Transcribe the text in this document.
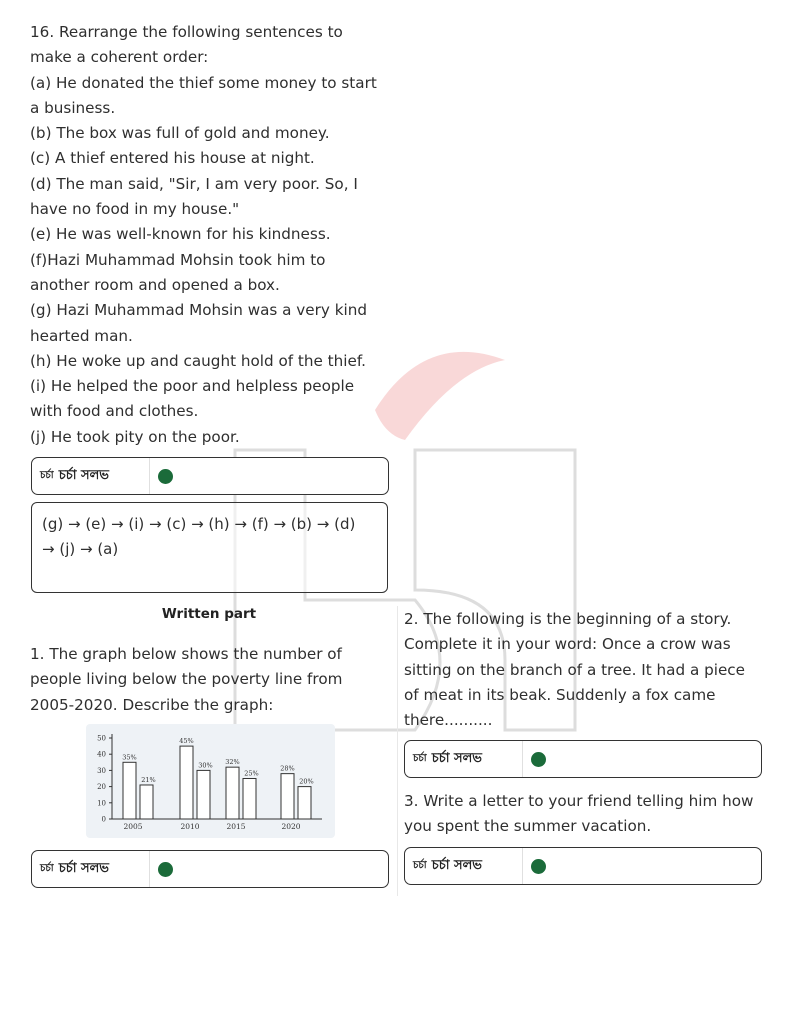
16. Rearrange the following sentences to

make a coherent order:

(a) He donated the thief some money to start

a business.

(b) The box was full of gold and money.

(c) A thief entered his house at night.

(d) The man said, "Sir, I am very poor. So, I

have no food in my house."

(e) He was well-known for his kindness.

(f)Hazi Muhammad Mohsin took him to

another room and opened a box.

(g) Hazi Muhammad Mohsin was a very kind

hearted man.

(h) He woke up and caught hold of the thief.

(i) He helped the poor and helpless people

with food and clothes.

(j) He took pity on the poor.

চর্চা চর্চা সলভ
(g) → (e) → (i) → (c) → (h) → (f) → (b) → (d)
→ (j) → (a)
Written part
1. The graph below shows the number of
people living below the poverty line from
2005-2020. Describe the graph:
0
10
20
30
40
50
35%
21%
45%
30% 32%
25%
28%
20%
2005	2010	2015	2020
চর্চা চর্চা সলভ
2. The following is the beginning of a story.
Complete it in your word: Once a crow was
sitting on the branch of a tree. It had a piece
of meat in its beak. Suddenly a fox came
there..........
চর্চা চর্চা সলভ
3. Write a letter to your friend telling him how
you spent the summer vacation.
চর্চা চর্চা সলভ
